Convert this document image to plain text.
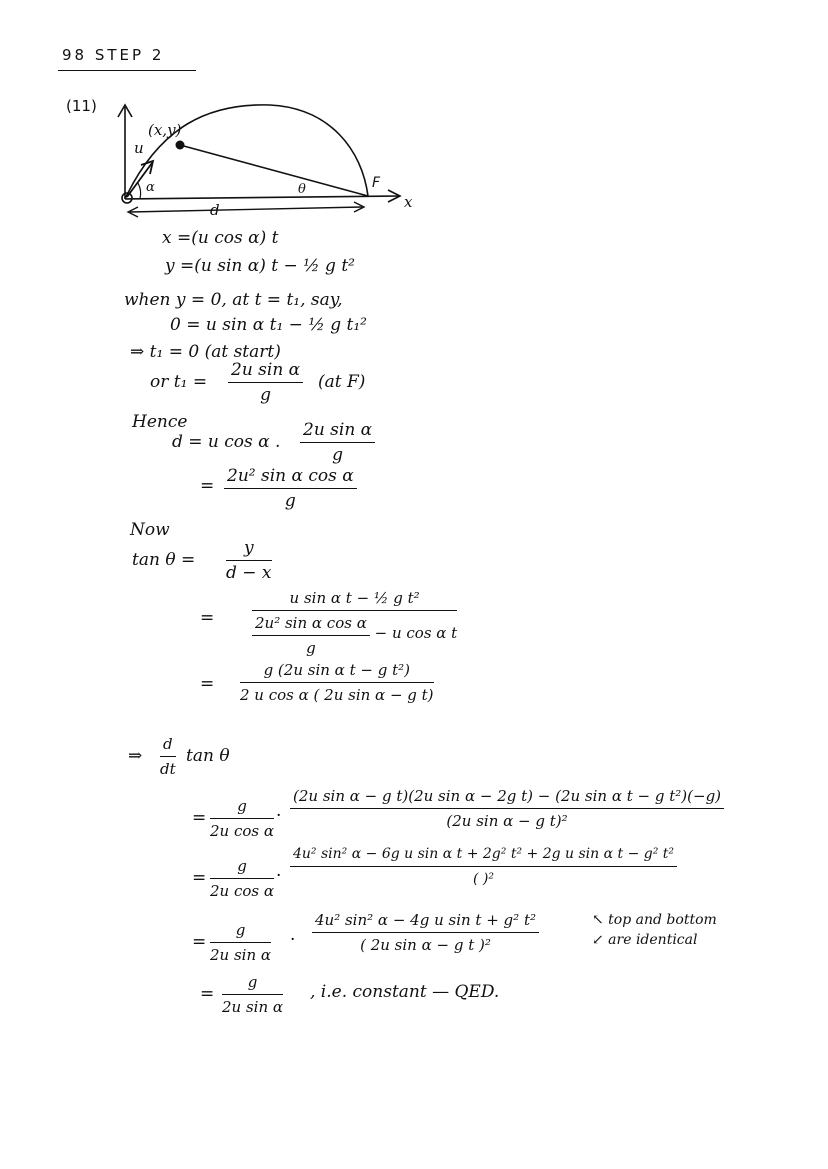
98 STEP 2
(11)
(x,y)
u
α	θ	F
x
d
x =(u cos α) t
y =(u sin α) t − ½ g t²
when y = 0, at t = t₁, say,
0 = u sin α t₁ − ½ g t₁²
⇒ t₁ = 0 (at start)
or $t_1 = \frac{\text{2u sin α}}{g} (at$ F)
Hence
d = u cos α . $\frac{\text{2u sin α}}{g}$
= $\frac{\text{2u² sin α cos α}}{g}$
Now
$\tan \theta = \frac{y}{d - x}$
=	$\frac{\text{u sin α t − ½ g t²}}{\frac{\text{2u² sin α cos α}}{g} - u \cos \alpha t}$
= $\frac{\text{g (2u sin α t − g t²)}}{\text{2 u cos α ( 2u sin α − g t)}}$
⇒ $\frac{d}{dt}$ tan θ
= $\frac{g}{\text{2u cos α}} \cdot \frac{\text{(2u sin α − g t)(2u sin α − 2g t) − (2u sin α t − g t²)(−g)}}{\text{(2u sin α − g t)²}}$
= $\frac{g}{\text{2u cos α}}$ ·
4u² sin² α − 6g u sin α t + 2g² t² + 2g u sin α t − g² t²
( )²
= $\frac{g}{\text{2u sin α}} \cdot \frac{\text{4u² sin² α − 4g u sin t + g² t²}}{\text{( 2u sin α − g t )²}}$	↖ top and bottom
↙ are identical
= $\frac{g}{\text{2u sin α}}$ , i.e. constant — QED.
